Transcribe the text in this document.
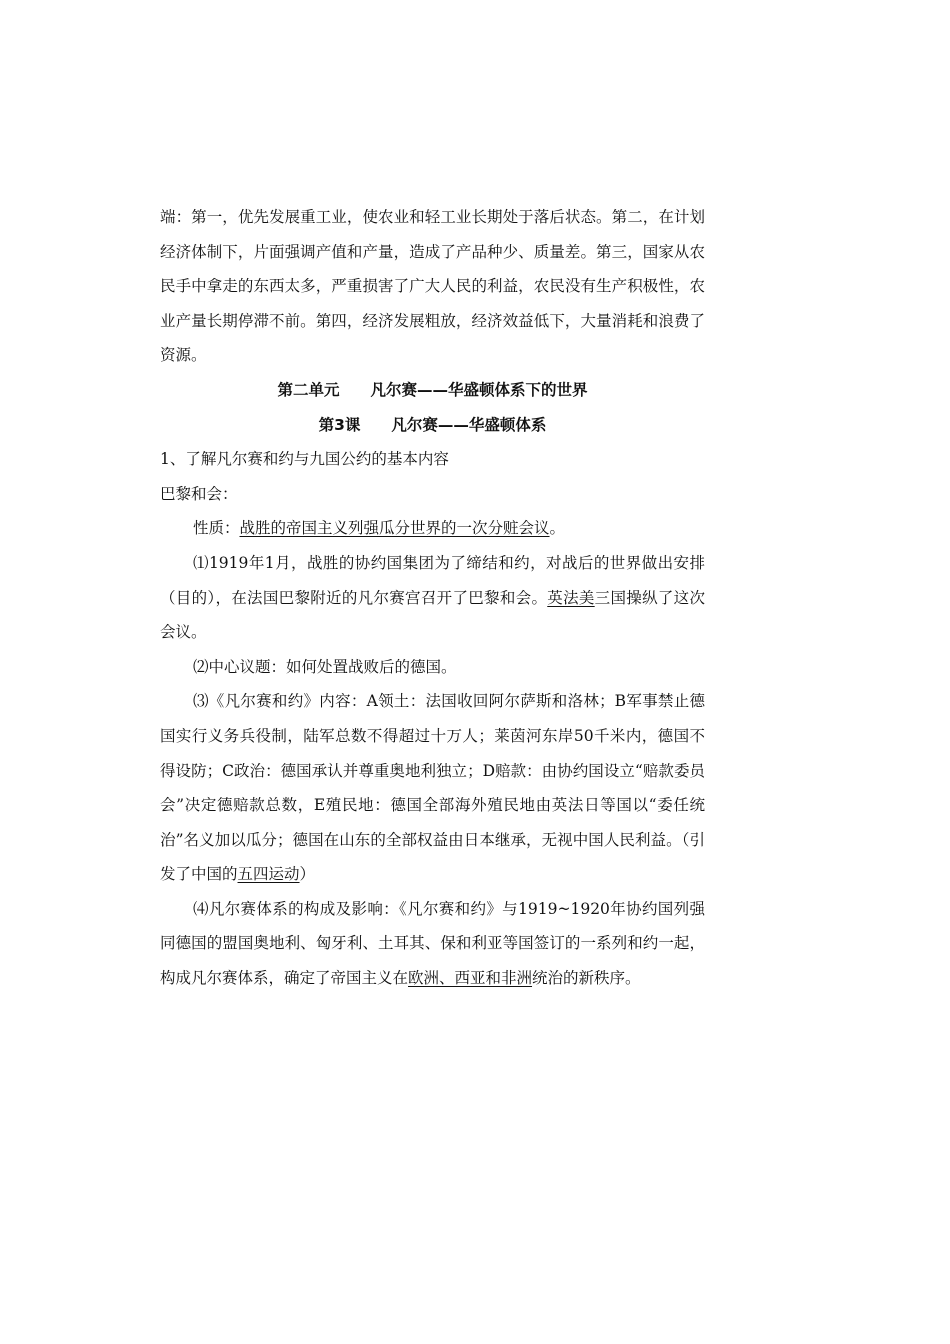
端：第一，优先发展重工业，使农业和轻工业长期处于落后状态。第二，在计划经济体制下，片面强调产值和产量，造成了产品种少、质量差。第三，国家从农民手中拿走的东西太多，严重损害了广大人民的利益，农民没有生产积极性，农业产量长期停滞不前。第四，经济发展粗放，经济效益低下，大量消耗和浪费了资源。

第二单元　　凡尔赛——华盛顿体系下的世界

第3课　　凡尔赛——华盛顿体系

1、了解凡尔赛和约与九国公约的基本内容

巴黎和会：

性质：战胜的帝国主义列强瓜分世界的一次分赃会议。

⑴1919年1月，战胜的协约国集团为了缔结和约，对战后的世界做出安排（目的），在法国巴黎附近的凡尔赛宫召开了巴黎和会。英法美三国操纵了这次会议。

⑵中心议题：如何处置战败后的德国。

⑶《凡尔赛和约》内容：A领土：法国收回阿尔萨斯和洛林；B军事禁止德国实行义务兵役制，陆军总数不得超过十万人；莱茵河东岸50千米内，德国不得设防；C政治：德国承认并尊重奥地利独立；D赔款：由协约国设立“赔款委员会”决定德赔款总数，E殖民地：德国全部海外殖民地由英法日等国以“委任统治”名义加以瓜分；德国在山东的全部权益由日本继承，无视中国人民利益。（引发了中国的五四运动）

⑷凡尔赛体系的构成及影响：《凡尔赛和约》与1919~1920年协约国列强同德国的盟国奥地利、匈牙利、土耳其、保和利亚等国签订的一系列和约一起，构成凡尔赛体系，确定了帝国主义在欧洲、西亚和非洲统治的新秩序。
